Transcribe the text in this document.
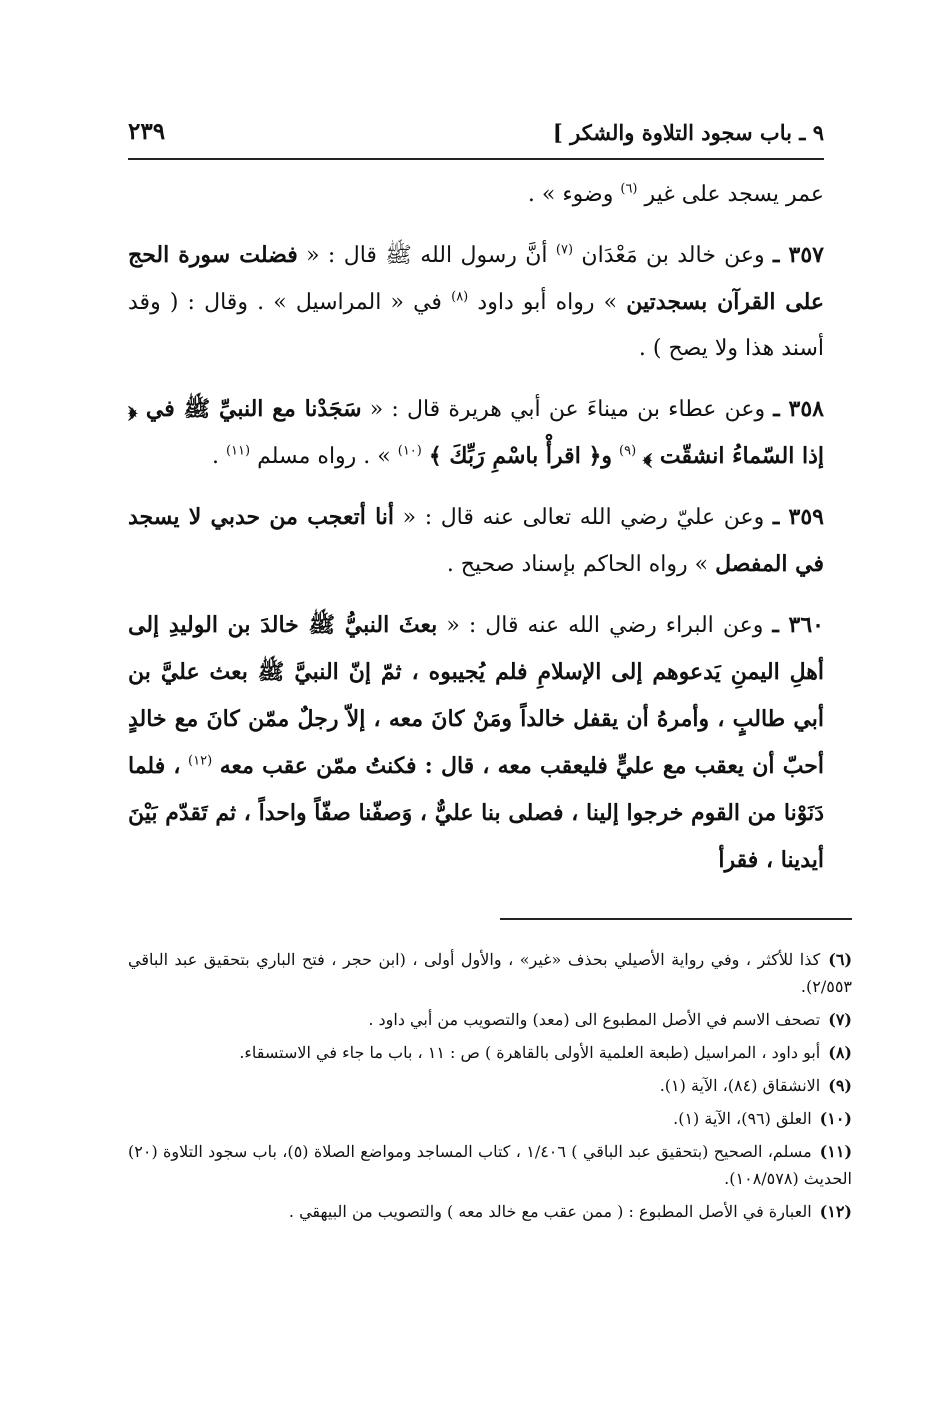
٩ ـ باب سجود التلاوة والشكر ]
٢٣٩

عمر يسجد على غير $^{(٦)}$ وضوء » .

٣٥٧ ـ وعن خالد بن مَعْدَان $^{(٧)}$ أنَّ رسول الله ﷺ قال : « فضلت سورة الحج على القرآن بسجدتين » رواه أبو داود $^{(٨)}$ في « المراسيل » . وقال : ( وقد أسند هذا ولا يصح ) .

٣٥٨ ـ وعن عطاء بن ميناءَ عن أبي هريرة قال : « سَجَدْنا مع النبيِّ ﷺ في ﴿ إذا السّماءُ انشقّت ﴾ $^{(٩)}$ و﴿ اقرأْ باسْمِ رَبِّكَ ﴾ $^{(١٠)}$ » . رواه مسلم $^{(١١)}$ .

٣٥٩ ـ وعن عليّ رضي الله تعالى عنه قال : « أنا أتعجب من حدبي لا يسجد في المفصل » رواه الحاكم بإسناد صحيح .

٣٦٠ ـ وعن البراء رضي الله عنه قال : « بعثَ النبيُّ ﷺ خالدَ بن الوليدِ إلى أهلِ اليمنِ يَدعوهم إلى الإسلامِ فلم يُجيبوه ، ثمّ إنّ النبيَّ ﷺ بعث عليَّ بن أبي طالبٍ ، وأمرهُ أن يقفل خالداً ومَنْ كانَ معه ، إلاّ رجلٌ ممّن كانَ مع خالدٍ أحبّ أن يعقب مع عليٍّ فليعقب معه ، قال : فكنتُ ممّن عقب معه $^{(١٢)}$ ، فلما دَنَوْنا من القوم خرجوا إلينا ، فصلى بنا عليٌّ ، وَصفّنا صفّاً واحداً ، ثم تَقدّم بَيْنَ أيدينا ، فقرأ

(٦)كذا للأكثر ، وفي رواية الأصيلي بحذف «غير» ، والأول أولى ، (ابن حجر ، فتح الباري بتحقيق عبد الباقي ٢/٥٥٣).

(٧)تصحف الاسم في الأصل المطبوع الى (معد) والتصويب من أبي داود .

(٨)أبو داود ، المراسيل (طبعة العلمية الأولى بالقاهرة ) ص : ١١ ، باب ما جاء في الاستسقاء.

(٩)الانشقاق (٨٤)، الآية (١).

(١٠)العلق (٩٦)، الآية (١).

(١١)مسلم، الصحيح (بتحقيق عبد الباقي ) ١/٤٠٦ ، كتاب المساجد ومواضع الصلاة (٥)، باب سجود التلاوة (٢٠) الحديث (١٠٨/٥٧٨).

(١٢)العبارة في الأصل المطبوع : ( ممن عقب مع خالد معه ) والتصويب من البيهقي .
